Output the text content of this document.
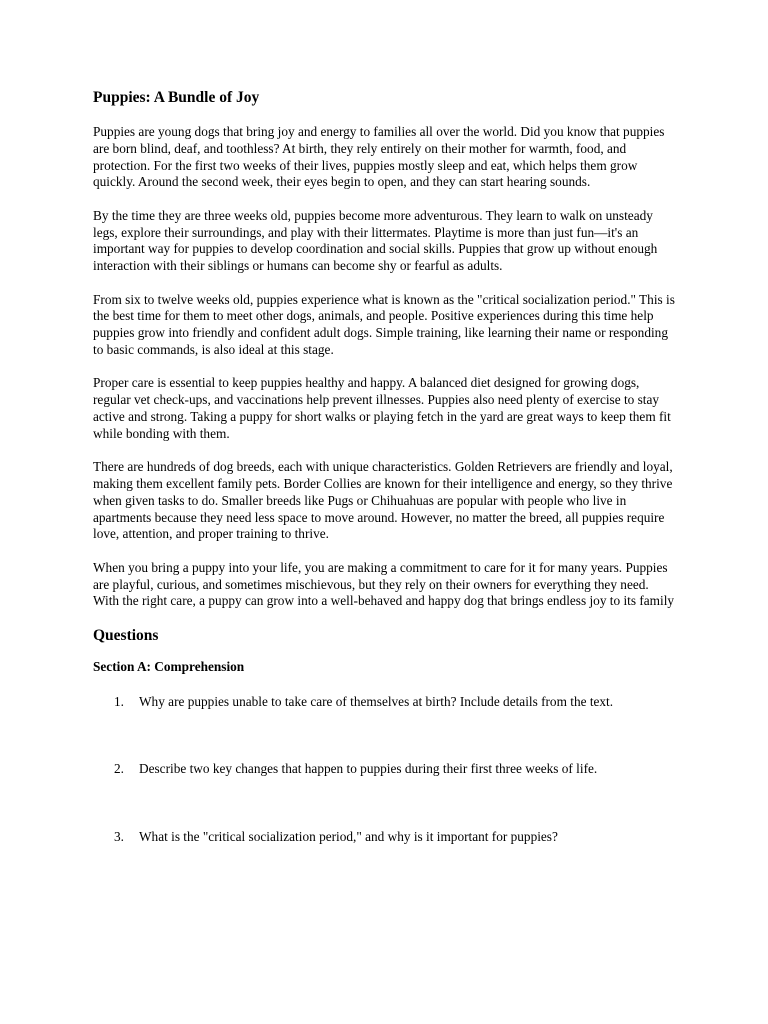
Puppies: A Bundle of Joy

Puppies are young dogs that bring joy and energy to families all over the world. Did you know that puppies are born blind, deaf, and toothless? At birth, they rely entirely on their mother for warmth, food, and protection. For the first two weeks of their lives, puppies mostly sleep and eat, which helps them grow quickly. Around the second week, their eyes begin to open, and they can start hearing sounds.

By the time they are three weeks old, puppies become more adventurous. They learn to walk on unsteady legs, explore their surroundings, and play with their littermates. Playtime is more than just fun—it's an important way for puppies to develop coordination and social skills. Puppies that grow up without enough interaction with their siblings or humans can become shy or fearful as adults.

From six to twelve weeks old, puppies experience what is known as the "critical socialization period." This is the best time for them to meet other dogs, animals, and people. Positive experiences during this time help puppies grow into friendly and confident adult dogs. Simple training, like learning their name or responding to basic commands, is also ideal at this stage.

Proper care is essential to keep puppies healthy and happy. A balanced diet designed for growing dogs, regular vet check-ups, and vaccinations help prevent illnesses. Puppies also need plenty of exercise to stay active and strong. Taking a puppy for short walks or playing fetch in the yard are great ways to keep them fit while bonding with them.

There are hundreds of dog breeds, each with unique characteristics. Golden Retrievers are friendly and loyal, making them excellent family pets. Border Collies are known for their intelligence and energy, so they thrive when given tasks to do. Smaller breeds like Pugs or Chihuahuas are popular with people who live in apartments because they need less space to move around. However, no matter the breed, all puppies require love, attention, and proper training to thrive.

When you bring a puppy into your life, you are making a commitment to care for it for many years. Puppies are playful, curious, and sometimes mischievous, but they rely on their owners for everything they need. With the right care, a puppy can grow into a well-behaved and happy dog that brings endless joy to its family

Questions
Section A: Comprehension
1. Why are puppies unable to take care of themselves at birth? Include details from the text.
2. Describe two key changes that happen to puppies during their first three weeks of life.
3. What is the "critical socialization period," and why is it important for puppies?
